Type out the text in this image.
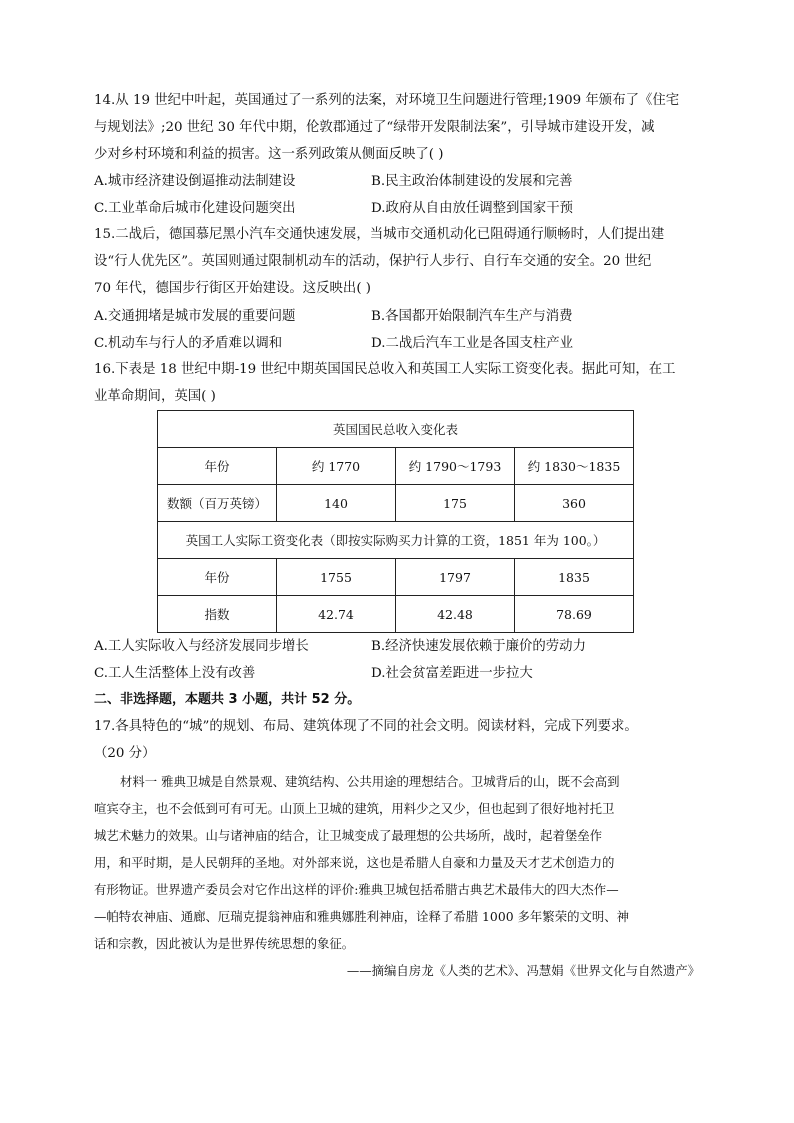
14.从 19 世纪中叶起，英国通过了一系列的法案，对环境卫生问题进行管理;1909 年颁布了《住宅
与规划法》;20 世纪 30 年代中期，伦敦郡通过了“绿带开发限制法案”，引导城市建设开发，减
少对乡村环境和利益的损害。这一系列政策从侧面反映了( )
A.城市经济建设倒逼推动法制建设	B.民主政治体制建设的发展和完善
C.工业革命后城市化建设问题突出	D.政府从自由放任调整到国家干预
15.二战后，德国慕尼黑小汽车交通快速发展，当城市交通机动化已阻碍通行顺畅时，人们提出建
设“行人优先区”。英国则通过限制机动车的活动，保护行人步行、自行车交通的安全。20 世纪
70 年代，德国步行街区开始建设。这反映出( )
A.交通拥堵是城市发展的重要问题	B.各国都开始限制汽车生产与消费
C.机动车与行人的矛盾难以调和	D.二战后汽车工业是各国支柱产业
16.下表是 18 世纪中期-19 世纪中期英国国民总收入和英国工人实际工资变化表。据此可知，在工
业革命期间，英国( )
英国国民总收入变化表			
年份	约 1770	约 1790～1793	约 1830～1835
数额（百万英镑）	140	175	360
英国工人实际工资变化表（即按实际购买力计算的工资，1851 年为 100。）			
年份	1755	1797	1835
指数	42.74	42.48	78.69
A.工人实际收入与经济发展同步增长	B.经济快速发展依赖于廉价的劳动力
C.工人生活整体上没有改善	D.社会贫富差距进一步拉大
二、非选择题，本题共 3 小题，共计 52 分。
17.各具特色的“城”的规划、布局、建筑体现了不同的社会文明。阅读材料，完成下列要求。
（20 分）
材料一 雅典卫城是自然景观、建筑结构、公共用途的理想结合。卫城背后的山，既不会高到
喧宾夺主，也不会低到可有可无。山顶上卫城的建筑，用料少之又少，但也起到了很好地衬托卫
城艺术魅力的效果。山与诸神庙的结合，让卫城变成了最理想的公共场所，战时，起着堡垒作
用，和平时期，是人民朝拜的圣地。对外部来说，这也是希腊人自豪和力量及天才艺术创造力的
有形物证。世界遗产委员会对它作出这样的评价:雅典卫城包括希腊古典艺术最伟大的四大杰作—
—帕特农神庙、通廊、厄瑞克提翁神庙和雅典娜胜利神庙，诠释了希腊 1000 多年繁荣的文明、神
话和宗教，因此被认为是世界传统思想的象征。
——摘编自房龙《人类的艺术》、冯慧娟《世界文化与自然遗产》
